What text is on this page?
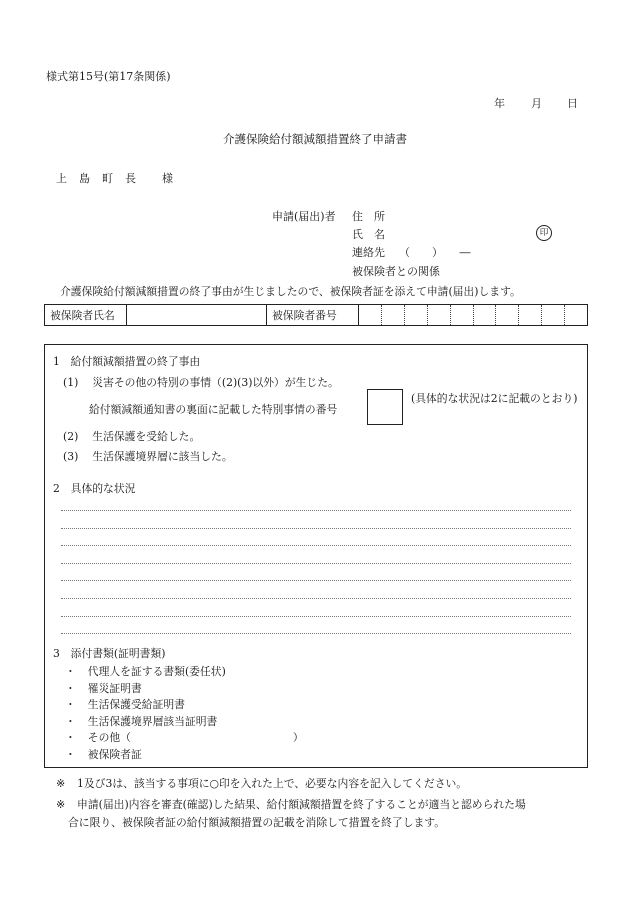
様式第15号(第17条関係)
年 月 日
介護保険給付額減額措置終了申請書
上島町長 様
申請(届出)者 住　所
氏　名	印
連絡先 （　　）　　―
被保険者との関係
介護保険給付額減額措置の終了事由が生じましたので、被保険者証を添えて申請(届出)します。
被保険者氏名		被保険者番号	
1　給付額減額措置の終了事由
(1) 災害その他の特別の事情（(2)(3)以外）が生じた。
給付額減額通知書の裏面に記載した特別事情の番号
(具体的な状況は2に記載のとおり)
(2) 生活保護を受給した。
(3) 生活保護境界層に該当した。
2　具体的な状況
3　添付書類(証明書類)
・ 代理人を証する書類(委任状)
・ 罹災証明書
・ 生活保護受給証明書
・ 生活保護境界層該当証明書
・ その他（　　　　　　　　　　　　　　　）
・ 被保険者証
※ 1及び3は、該当する事項に○印を入れた上で、必要な内容を記入してください。
※ 申請(届出)内容を審査(確認)した結果、給付額減額措置を終了することが適当と認められた場
合に限り、被保険者証の給付額減額措置の記載を消除して措置を終了します。
